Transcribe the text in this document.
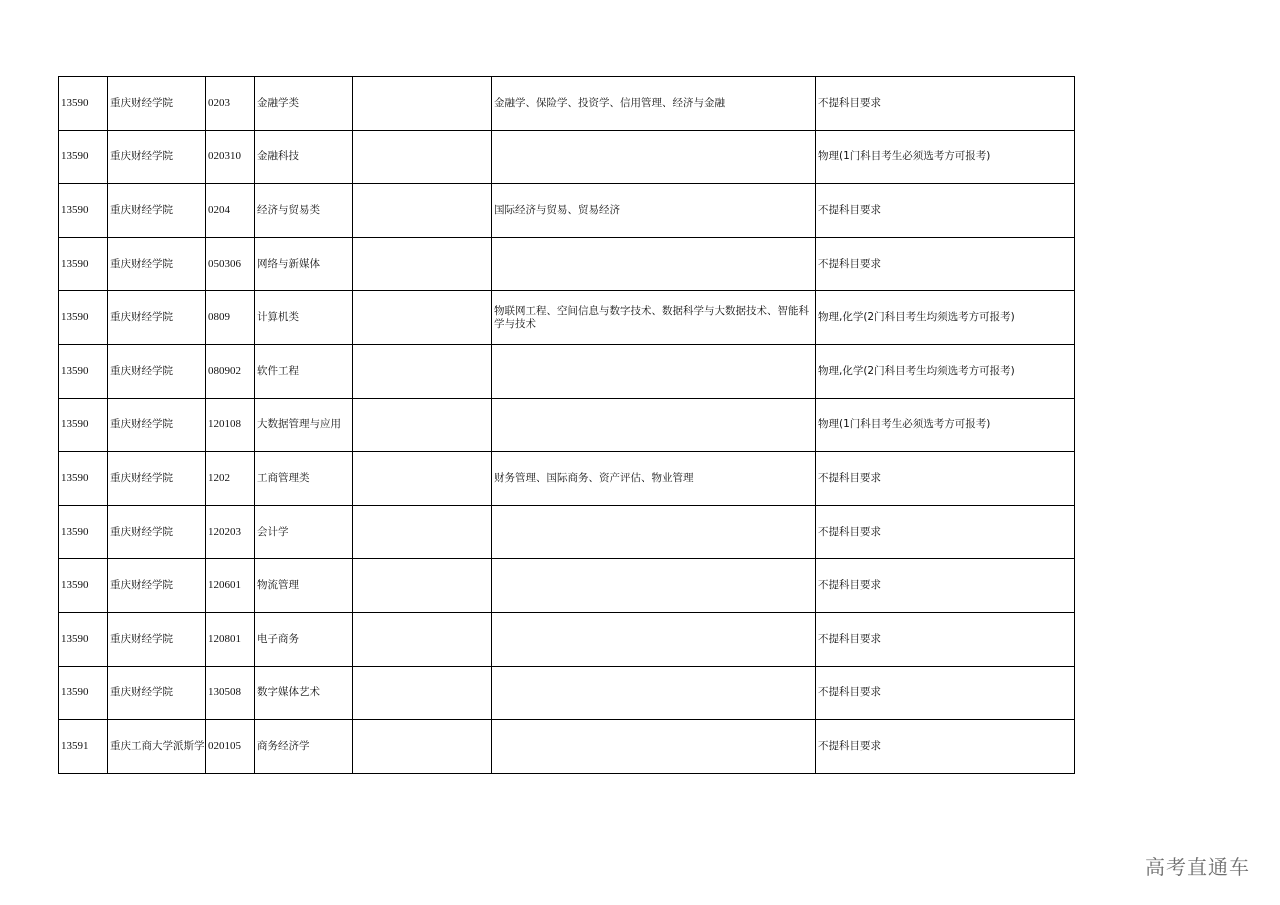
13590	重庆财经学院	0203	金融学类		金融学、保险学、投资学、信用管理、经济与金融	不提科目要求
13590	重庆财经学院	020310	金融科技			物理(1门科目考生必须选考方可报考)
13590	重庆财经学院	0204	经济与贸易类		国际经济与贸易、贸易经济	不提科目要求
13590	重庆财经学院	050306	网络与新媒体			不提科目要求
13590	重庆财经学院	0809	计算机类		物联网工程、空间信息与数字技术、数据科学与大数据技术、智能科学与技术	物理,化学(2门科目考生均须选考方可报考)
13590	重庆财经学院	080902	软件工程			物理,化学(2门科目考生均须选考方可报考)
13590	重庆财经学院	120108	大数据管理与应用			物理(1门科目考生必须选考方可报考)
13590	重庆财经学院	1202	工商管理类		财务管理、国际商务、资产评估、物业管理	不提科目要求
13590	重庆财经学院	120203	会计学			不提科目要求
13590	重庆财经学院	120601	物流管理			不提科目要求
13590	重庆财经学院	120801	电子商务			不提科目要求
13590	重庆财经学院	130508	数字媒体艺术			不提科目要求
13591	重庆工商大学派斯学	020105	商务经济学			不提科目要求
高考直通车
